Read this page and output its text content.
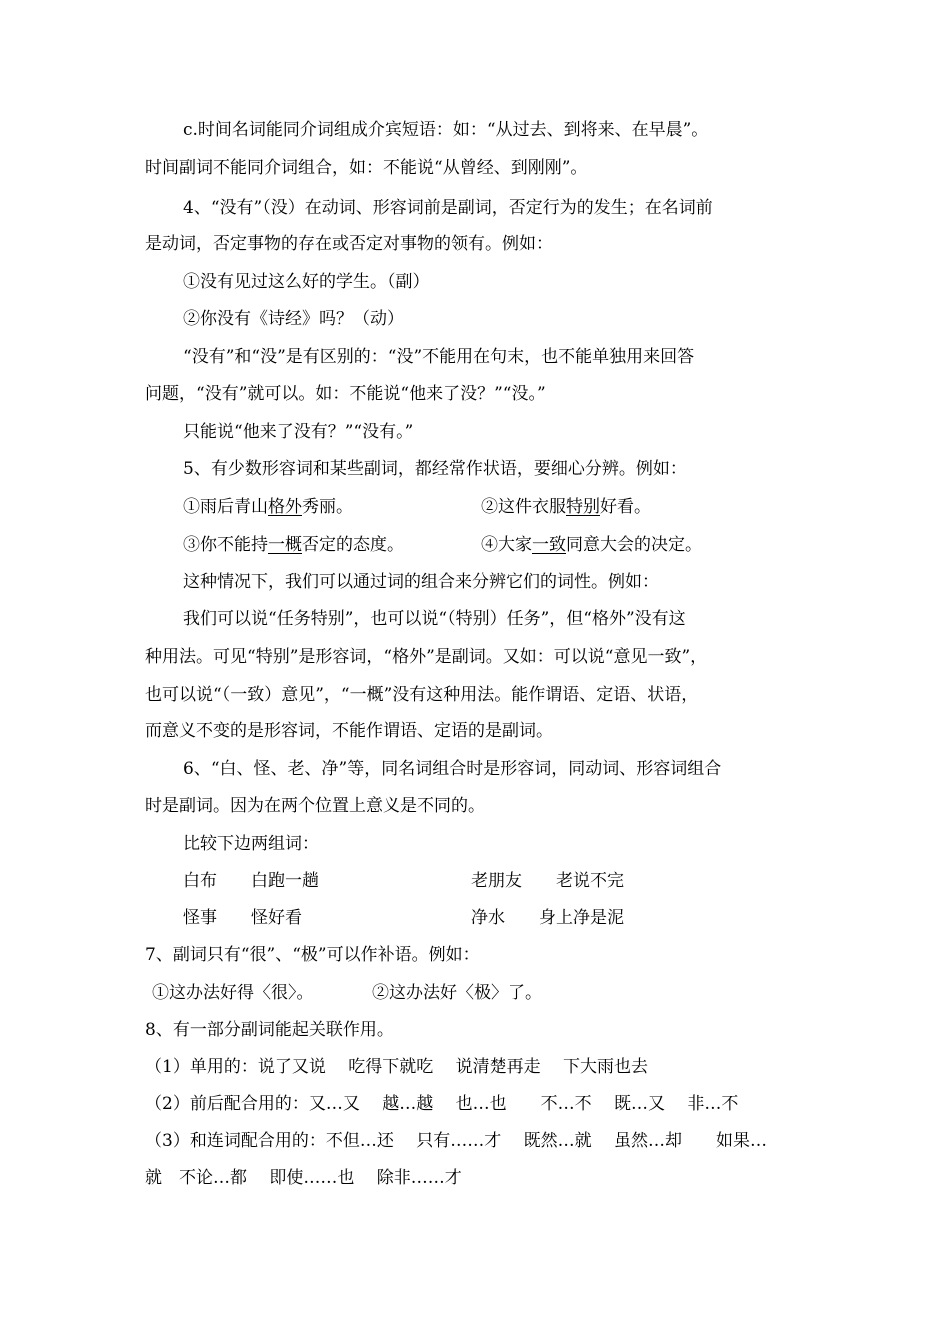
c.时间名词能同介词组成介宾短语：如：“从过去、到将来、在早晨”。
时间副词不能同介词组合，如：不能说“从曾经、到刚刚”。
4、“没有”（没）在动词、形容词前是副词，否定行为的发生；在名词前
是动词，否定事物的存在或否定对事物的领有。例如：
①没有见过这么好的学生。（副）
②你没有《诗经》吗？（动）
“没有”和“没”是有区别的：“没”不能用在句末，也不能单独用来回答
问题，“没有”就可以。如：不能说“他来了没？”“没。”
只能说“他来了没有？”“没有。”
5、有少数形容词和某些副词，都经常作状语，要细心分辨。例如：
①雨后青山格外秀丽。	②这件衣服特别好看。
③你不能持一概否定的态度。	④大家一致同意大会的决定。
这种情况下，我们可以通过词的组合来分辨它们的词性。例如：
我们可以说“任务特别”，也可以说“（特别）任务”，但“格外”没有这
种用法。可见“特别”是形容词，“格外”是副词。又如：可以说“意见一致”，
也可以说“（一致）意见”，“一概”没有这种用法。能作谓语、定语、状语，
而意义不变的是形容词，不能作谓语、定语的是副词。
6、“白、怪、老、净”等，同名词组合时是形容词，同动词、形容词组合
时是副词。因为在两个位置上意义是不同的。
比较下边两组词：
白布　　白跑一趟	老朋友　　老说不完
怪事　　怪好看	净水　　身上净是泥
7、副词只有“很”、“极”可以作补语。例如：
①这办法好得〈很〉。	②这办法好〈极〉了。
8、有一部分副词能起关联作用。
（1）单用的：说了又说　 吃得下就吃　 说清楚再走　 下大雨也去
（2）前后配合用的：又…又　 越…越　 也…也　　不…不　 既…又　 非…不
（3）和连词配合用的：不但…还　 只有……才　 既然…就　 虽然…却　　如果…
就　不论…都　 即使……也　 除非……才
